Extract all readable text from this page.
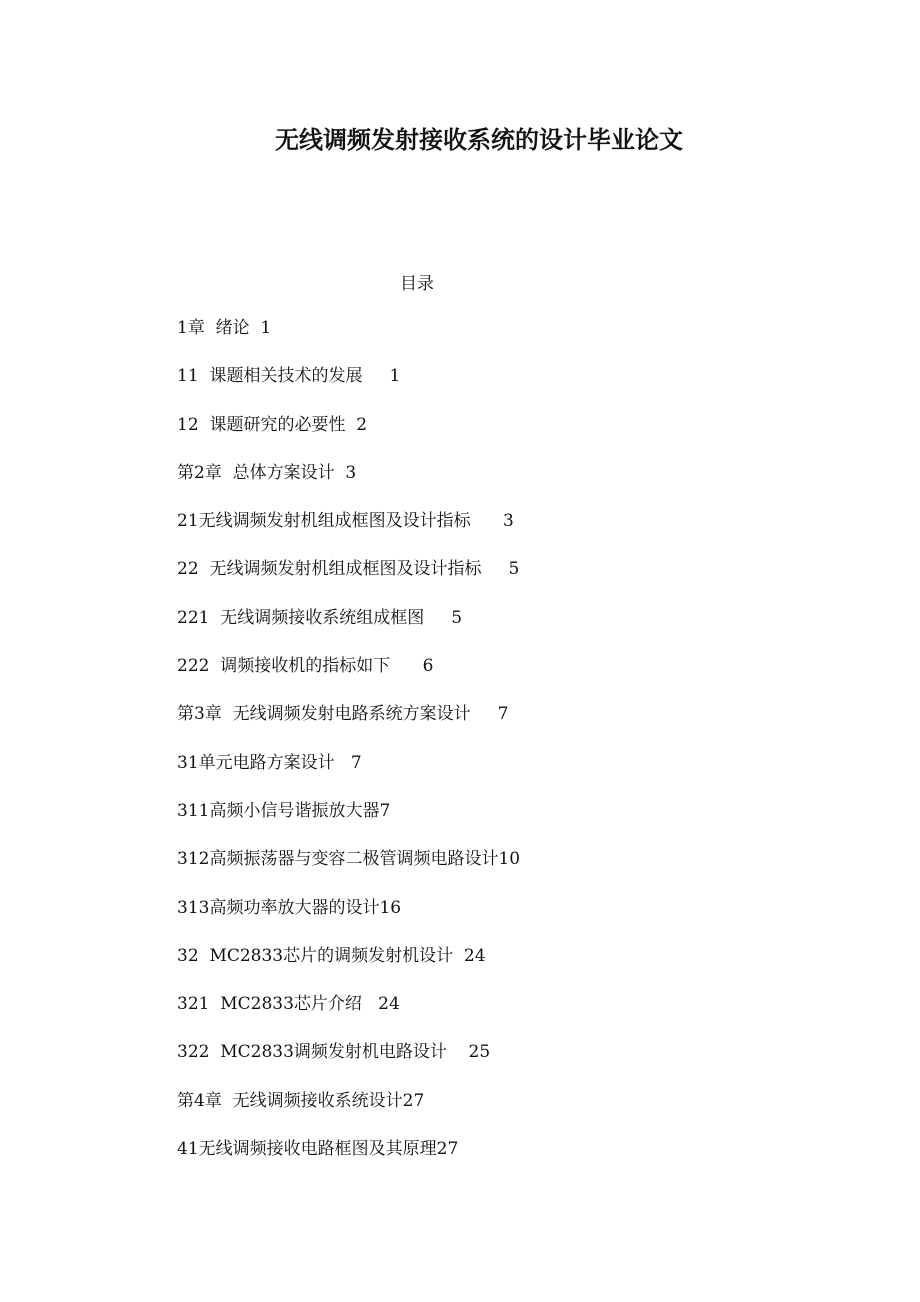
无线调频发射接收系统的设计毕业论文
目录
1章  绪论  1
11  课题相关技术的发展     1
12  课题研究的必要性  2
第2章  总体方案设计  3
21无线调频发射机组成框图及设计指标      3
22  无线调频发射机组成框图及设计指标     5
221  无线调频接收系统组成框图     5
222  调频接收机的指标如下      6
第3章  无线调频发射电路系统方案设计     7
31单元电路方案设计   7
311高频小信号谐振放大器7
312高频振荡器与变容二极管调频电路设计10
313高频功率放大器的设计16
32  MC2833芯片的调频发射机设计  24
321  MC2833芯片介绍   24
322  MC2833调频发射机电路设计    25
第4章  无线调频接收系统设计27
41无线调频接收电路框图及其原理27
